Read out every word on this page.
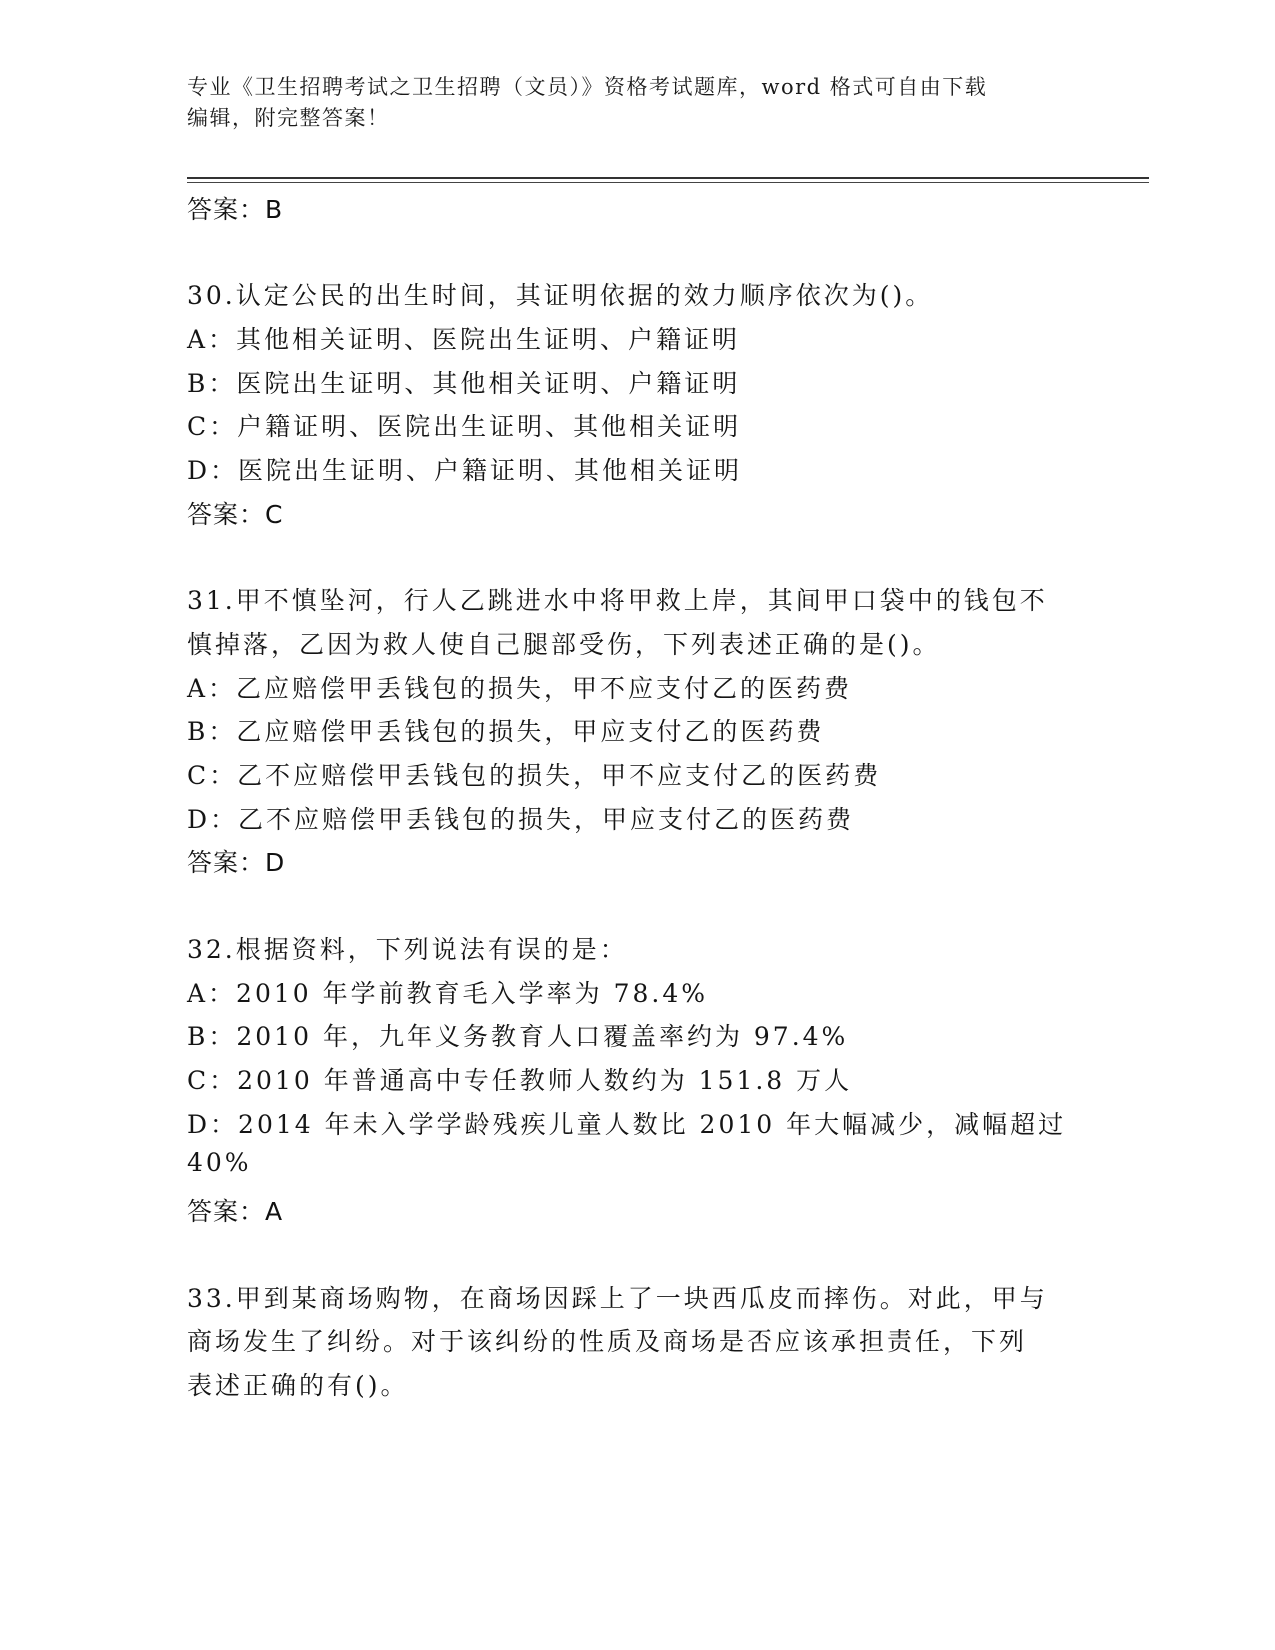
专业《卫生招聘考试之卫生招聘（文员）》资格考试题库，word 格式可自由下载
编辑，附完整答案！
答案：B
30.认定公民的出生时间，其证明依据的效力顺序依次为()。
A：其他相关证明、医院出生证明、户籍证明
B：医院出生证明、其他相关证明、户籍证明
C：户籍证明、医院出生证明、其他相关证明
D：医院出生证明、户籍证明、其他相关证明
答案：C
31.甲不慎坠河，行人乙跳进水中将甲救上岸，其间甲口袋中的钱包不
慎掉落，乙因为救人使自己腿部受伤，下列表述正确的是()。
A：乙应赔偿甲丢钱包的损失，甲不应支付乙的医药费
B：乙应赔偿甲丢钱包的损失，甲应支付乙的医药费
C：乙不应赔偿甲丢钱包的损失，甲不应支付乙的医药费
D：乙不应赔偿甲丢钱包的损失，甲应支付乙的医药费
答案：D
32.根据资料，下列说法有误的是：
A：2010 年学前教育毛入学率为 78.4%
B：2010 年，九年义务教育人口覆盖率约为 97.4%
C：2010 年普通高中专任教师人数约为 151.8 万人
D：2014 年未入学学龄残疾儿童人数比 2010 年大幅减少，减幅超过
40%
答案：A
33.甲到某商场购物，在商场因踩上了一块西瓜皮而摔伤。对此，甲与
商场发生了纠纷。对于该纠纷的性质及商场是否应该承担责任，下列
表述正确的有()。
